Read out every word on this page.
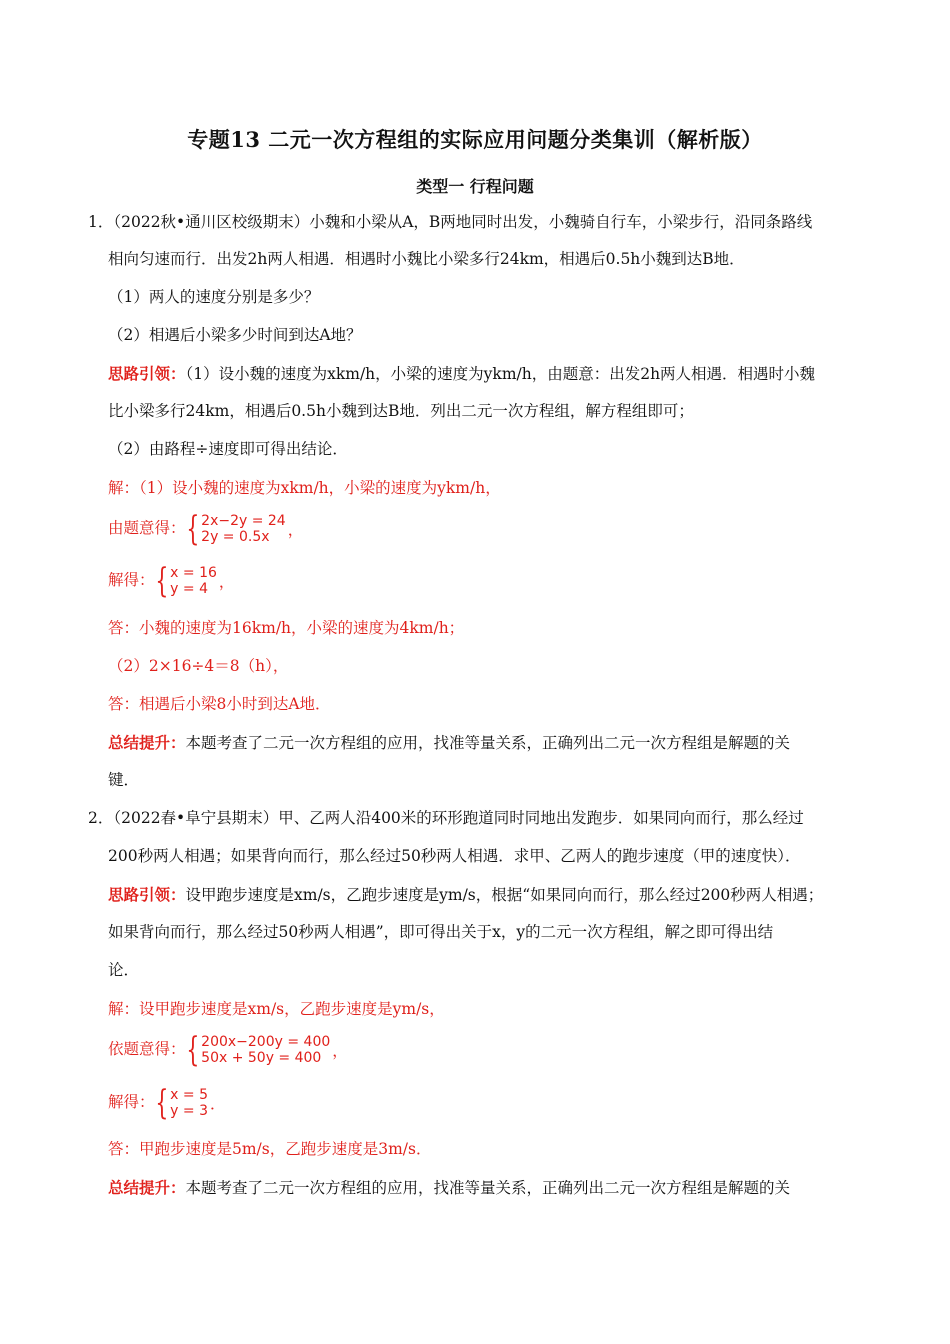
专题13 二元一次方程组的实际应用问题分类集训（解析版）
类型一 行程问题
1．（2022秋•通川区校级期末）小魏和小梁从A，B两地同时出发，小魏骑自行车，小梁步行，沿同条路线
相向匀速而行．出发2h两人相遇．相遇时小魏比小梁多行24km，相遇后0.5h小魏到达B地．
（1）两人的速度分别是多少？
（2）相遇后小梁多少时间到达A地？
思路引领：（1）设小魏的速度为xkm/h，小梁的速度为ykm/h，由题意：出发2h两人相遇．相遇时小魏
比小梁多行24km，相遇后0.5h小魏到达B地．列出二元一次方程组，解方程组即可；
（2）由路程÷速度即可得出结论．
解：（1）设小魏的速度为xkm/h，小梁的速度为ykm/h，
由题意得：{ 2x−2y = 24
2y = 0.5x	，
解得：{ x = 16
y = 4 ，
答：小魏的速度为16km/h，小梁的速度为4km/h；
（2）2×16÷4＝8（h），
答：相遇后小梁8小时到达A地．
总结提升：本题考查了二元一次方程组的应用，找准等量关系，正确列出二元一次方程组是解题的关
键．
2．（2022春•阜宁县期末）甲、乙两人沿400米的环形跑道同时同地出发跑步．如果同向而行，那么经过
200秒两人相遇；如果背向而行，那么经过50秒两人相遇．求甲、乙两人的跑步速度（甲的速度快）．
思路引领：设甲跑步速度是xm/s，乙跑步速度是ym/s，根据“如果同向而行，那么经过200秒两人相遇；
如果背向而行，那么经过50秒两人相遇”，即可得出关于x，y的二元一次方程组，解之即可得出结
论．
解：设甲跑步速度是xm/s，乙跑步速度是ym/s，
依题意得：{ 200x−200y = 400
50x + 50y = 400 ，
解得：{ x = 5
y = 3 ．
答：甲跑步速度是5m/s，乙跑步速度是3m/s．
总结提升：本题考查了二元一次方程组的应用，找准等量关系，正确列出二元一次方程组是解题的关
